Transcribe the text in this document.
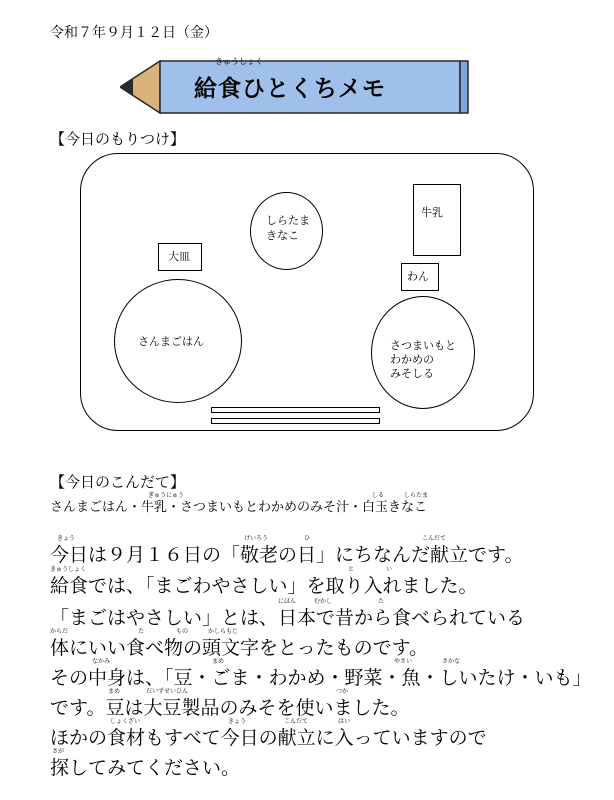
令和７年９月１２日（金）
きゅうしょく
給食ひとくちメモ
【今日のもりつけ】
しらたま
きなこ
牛乳
大皿
わん
さんまごはん	さつまいもと
わかめの
みそしる
【今日のこんだて】
ぎゅうにゅう	しる	しらたま
さんまごはん・牛乳・さつまいもとわかめのみそ汁・白玉きなこ
きょう	けいろう	ひ	こんだて
きゅうしょく	と	い
にほん	むかし	た
からだ	た	もの	かしらもじ
なかみ	まめ	やさい	さかな
まめ	だいずせいひん	つか
しょくざい	きょう	こんだて	はい
さが
今日は９月１６日の「敬老の日」にちなんだ献立です。
給食では、「まごわやさしい」を取り入れました。
「まごはやさしい」とは、日本で昔から食べられている
体にいい食べ物の頭文字をとったものです。
その中身は、「豆・ごま・わかめ・野菜・魚・しいたけ・いも」
です。豆は大豆製品のみそを使いました。
ほかの食材もすべて今日の献立に入っていますので
探してみてください。
